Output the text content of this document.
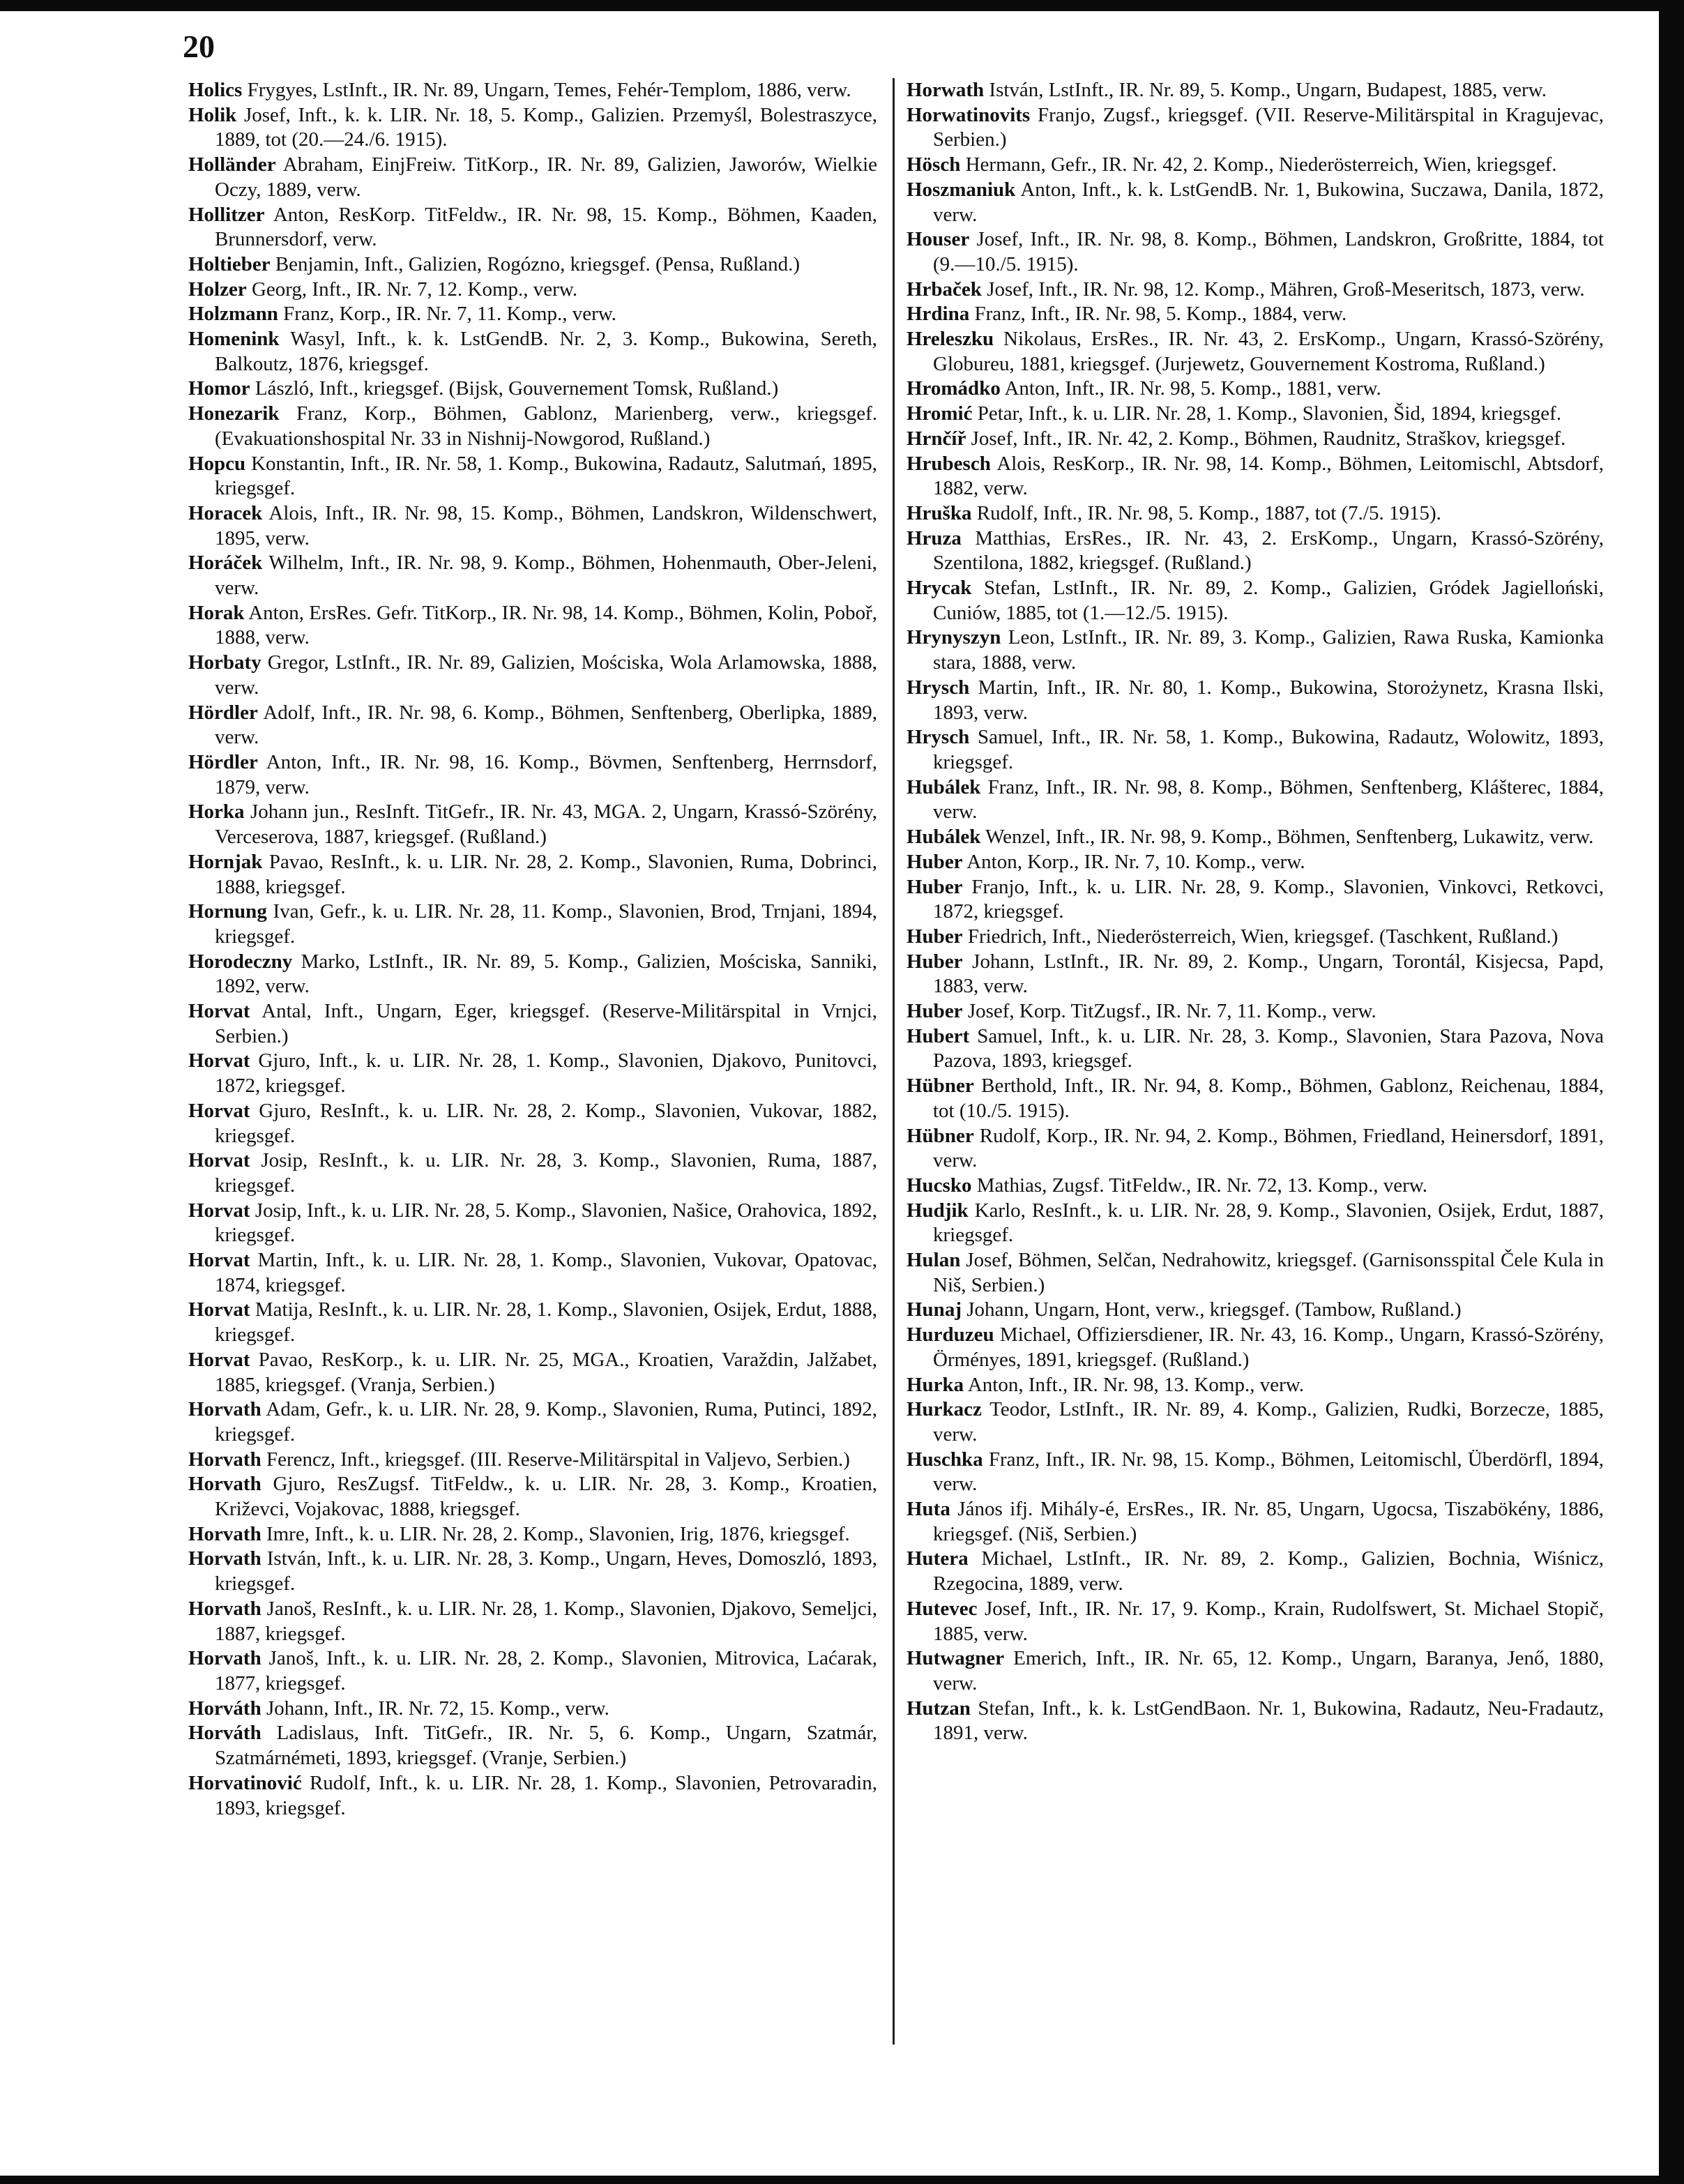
20

Holics Frygyes, LstInft., IR. Nr. 89, Ungarn, Temes, Fehér-Templom, 1886, verw.

Holik Josef, Inft., k. k. LIR. Nr. 18, 5. Komp., Galizien. Przemyśl, Bolestraszyce, 1889, tot (20.—24./6. 1915).

Holländer Abraham, EinjFreiw. TitKorp., IR. Nr. 89, Galizien, Jaworów, Wielkie Oczy, 1889, verw.

Hollitzer Anton, ResKorp. TitFeldw., IR. Nr. 98, 15. Komp., Böhmen, Kaaden, Brunnersdorf, verw.

Holtieber Benjamin, Inft., Galizien, Rogózno, kriegsgef. (Pensa, Rußland.)

Holzer Georg, Inft., IR. Nr. 7, 12. Komp., verw.

Holzmann Franz, Korp., IR. Nr. 7, 11. Komp., verw.

Homenink Wasyl, Inft., k. k. LstGendB. Nr. 2, 3. Komp., Bukowina, Sereth, Balkoutz, 1876, kriegsgef.

Homor László, Inft., kriegsgef. (Bijsk, Gouvernement Tomsk, Rußland.)

Honezarik Franz, Korp., Böhmen, Gablonz, Marienberg, verw., kriegsgef. (Evakuationshospital Nr. 33 in Nishnij-Nowgorod, Rußland.)

Hopcu Konstantin, Inft., IR. Nr. 58, 1. Komp., Bukowina, Radautz, Salutmań, 1895, kriegsgef.

Horacek Alois, Inft., IR. Nr. 98, 15. Komp., Böhmen, Landskron, Wildenschwert, 1895, verw.

Horáček Wilhelm, Inft., IR. Nr. 98, 9. Komp., Böhmen, Hohenmauth, Ober-Jeleni, verw.

Horak Anton, ErsRes. Gefr. TitKorp., IR. Nr. 98, 14. Komp., Böhmen, Kolin, Poboř, 1888, verw.

Horbaty Gregor, LstInft., IR. Nr. 89, Galizien, Mościska, Wola Arlamowska, 1888, verw.

Hördler Adolf, Inft., IR. Nr. 98, 6. Komp., Böhmen, Senftenberg, Oberlipka, 1889, verw.

Hördler Anton, Inft., IR. Nr. 98, 16. Komp., Bövmen, Senftenberg, Herrnsdorf, 1879, verw.

Horka Johann jun., ResInft. TitGefr., IR. Nr. 43, MGA. 2, Ungarn, Krassó-Szörény, Verceserova, 1887, kriegsgef. (Rußland.)

Hornjak Pavao, ResInft., k. u. LIR. Nr. 28, 2. Komp., Slavonien, Ruma, Dobrinci, 1888, kriegsgef.

Hornung Ivan, Gefr., k. u. LIR. Nr. 28, 11. Komp., Slavonien, Brod, Trnjani, 1894, kriegsgef.

Horodeczny Marko, LstInft., IR. Nr. 89, 5. Komp., Galizien, Mościska, Sanniki, 1892, verw.

Horvat Antal, Inft., Ungarn, Eger, kriegsgef. (Reserve-Militärspital in Vrnjci, Serbien.)

Horvat Gjuro, Inft., k. u. LIR. Nr. 28, 1. Komp., Slavonien, Djakovo, Punitovci, 1872, kriegsgef.

Horvat Gjuro, ResInft., k. u. LIR. Nr. 28, 2. Komp., Slavonien, Vukovar, 1882, kriegsgef.

Horvat Josip, ResInft., k. u. LIR. Nr. 28, 3. Komp., Slavonien, Ruma, 1887, kriegsgef.

Horvat Josip, Inft., k. u. LIR. Nr. 28, 5. Komp., Slavonien, Našice, Orahovica, 1892, kriegsgef.

Horvat Martin, Inft., k. u. LIR. Nr. 28, 1. Komp., Slavonien, Vukovar, Opatovac, 1874, kriegsgef.

Horvat Matija, ResInft., k. u. LIR. Nr. 28, 1. Komp., Slavonien, Osijek, Erdut, 1888, kriegsgef.

Horvat Pavao, ResKorp., k. u. LIR. Nr. 25, MGA., Kroatien, Varaždin, Jalžabet, 1885, kriegsgef. (Vranja, Serbien.)

Horvath Adam, Gefr., k. u. LIR. Nr. 28, 9. Komp., Slavonien, Ruma, Putinci, 1892, kriegsgef.

Horvath Ferencz, Inft., kriegsgef. (III. Reserve-Militärspital in Valjevo, Serbien.)

Horvath Gjuro, ResZugsf. TitFeldw., k. u. LIR. Nr. 28, 3. Komp., Kroatien, Križevci, Vojakovac, 1888, kriegsgef.

Horvath Imre, Inft., k. u. LIR. Nr. 28, 2. Komp., Slavonien, Irig, 1876, kriegsgef.

Horvath István, Inft., k. u. LIR. Nr. 28, 3. Komp., Ungarn, Heves, Domoszló, 1893, kriegsgef.

Horvath Janoš, ResInft., k. u. LIR. Nr. 28, 1. Komp., Slavonien, Djakovo, Semeljci, 1887, kriegsgef.

Horvath Janoš, Inft., k. u. LIR. Nr. 28, 2. Komp., Slavonien, Mitrovica, Laćarak, 1877, kriegsgef.

Horváth Johann, Inft., IR. Nr. 72, 15. Komp., verw.

Horváth Ladislaus, Inft. TitGefr., IR. Nr. 5, 6. Komp., Ungarn, Szatmár, Szatmárnémeti, 1893, kriegsgef. (Vranje, Serbien.)

Horvatinović Rudolf, Inft., k. u. LIR. Nr. 28, 1. Komp., Slavonien, Petrovaradin, 1893, kriegsgef.

Horwath István, LstInft., IR. Nr. 89, 5. Komp., Ungarn, Budapest, 1885, verw.

Horwatinovits Franjo, Zugsf., kriegsgef. (VII. Reserve-Militärspital in Kragujevac, Serbien.)

Hösch Hermann, Gefr., IR. Nr. 42, 2. Komp., Niederösterreich, Wien, kriegsgef.

Hoszmaniuk Anton, Inft., k. k. LstGendB. Nr. 1, Bukowina, Suczawa, Danila, 1872, verw.

Houser Josef, Inft., IR. Nr. 98, 8. Komp., Böhmen, Landskron, Großritte, 1884, tot (9.—10./5. 1915).

Hrbaček Josef, Inft., IR. Nr. 98, 12. Komp., Mähren, Groß-Meseritsch, 1873, verw.

Hrdina Franz, Inft., IR. Nr. 98, 5. Komp., 1884, verw.

Hreleszku Nikolaus, ErsRes., IR. Nr. 43, 2. ErsKomp., Ungarn, Krassó-Szörény, Globureu, 1881, kriegsgef. (Jurjewetz, Gouvernement Kostroma, Rußland.)

Hromádko Anton, Inft., IR. Nr. 98, 5. Komp., 1881, verw.

Hromić Petar, Inft., k. u. LIR. Nr. 28, 1. Komp., Slavonien, Šid, 1894, kriegsgef.

Hrnčíř Josef, Inft., IR. Nr. 42, 2. Komp., Böhmen, Raudnitz, Straškov, kriegsgef.

Hrubesch Alois, ResKorp., IR. Nr. 98, 14. Komp., Böhmen, Leitomischl, Abtsdorf, 1882, verw.

Hruška Rudolf, Inft., IR. Nr. 98, 5. Komp., 1887, tot (7./5. 1915).

Hruza Matthias, ErsRes., IR. Nr. 43, 2. ErsKomp., Ungarn, Krassó-Szörény, Szentilona, 1882, kriegsgef. (Rußland.)

Hrycak Stefan, LstInft., IR. Nr. 89, 2. Komp., Galizien, Gródek Jagielloński, Cuniów, 1885, tot (1.—12./5. 1915).

Hrynyszyn Leon, LstInft., IR. Nr. 89, 3. Komp., Galizien, Rawa Ruska, Kamionka stara, 1888, verw.

Hrysch Martin, Inft., IR. Nr. 80, 1. Komp., Bukowina, Storożynetz, Krasna Ilski, 1893, verw.

Hrysch Samuel, Inft., IR. Nr. 58, 1. Komp., Bukowina, Radautz, Wolowitz, 1893, kriegsgef.

Hubálek Franz, Inft., IR. Nr. 98, 8. Komp., Böhmen, Senftenberg, Klášterec, 1884, verw.

Hubálek Wenzel, Inft., IR. Nr. 98, 9. Komp., Böhmen, Senftenberg, Lukawitz, verw.

Huber Anton, Korp., IR. Nr. 7, 10. Komp., verw.

Huber Franjo, Inft., k. u. LIR. Nr. 28, 9. Komp., Slavonien, Vinkovci, Retkovci, 1872, kriegsgef.

Huber Friedrich, Inft., Niederösterreich, Wien, kriegsgef. (Taschkent, Rußland.)

Huber Johann, LstInft., IR. Nr. 89, 2. Komp., Ungarn, Torontál, Kisjecsa, Papd, 1883, verw.

Huber Josef, Korp. TitZugsf., IR. Nr. 7, 11. Komp., verw.

Hubert Samuel, Inft., k. u. LIR. Nr. 28, 3. Komp., Slavonien, Stara Pazova, Nova Pazova, 1893, kriegsgef.

Hübner Berthold, Inft., IR. Nr. 94, 8. Komp., Böhmen, Gablonz, Reichenau, 1884, tot (10./5. 1915).

Hübner Rudolf, Korp., IR. Nr. 94, 2. Komp., Böhmen, Friedland, Heinersdorf, 1891, verw.

Hucsko Mathias, Zugsf. TitFeldw., IR. Nr. 72, 13. Komp., verw.

Hudjik Karlo, ResInft., k. u. LIR. Nr. 28, 9. Komp., Slavonien, Osijek, Erdut, 1887, kriegsgef.

Hulan Josef, Böhmen, Selčan, Nedrahowitz, kriegsgef. (Garnisonsspital Čele Kula in Niš, Serbien.)

Hunaj Johann, Ungarn, Hont, verw., kriegsgef. (Tambow, Rußland.)

Hurduzeu Michael, Offiziersdiener, IR. Nr. 43, 16. Komp., Ungarn, Krassó-Szörény, Örményes, 1891, kriegsgef. (Rußland.)

Hurka Anton, Inft., IR. Nr. 98, 13. Komp., verw.

Hurkacz Teodor, LstInft., IR. Nr. 89, 4. Komp., Galizien, Rudki, Borzecze, 1885, verw.

Huschka Franz, Inft., IR. Nr. 98, 15. Komp., Böhmen, Leitomischl, Überdörfl, 1894, verw.

Huta János ifj. Mihály-é, ErsRes., IR. Nr. 85, Ungarn, Ugocsa, Tiszabökény, 1886, kriegsgef. (Niš, Serbien.)

Hutera Michael, LstInft., IR. Nr. 89, 2. Komp., Galizien, Bochnia, Wiśnicz, Rzegocina, 1889, verw.

Hutevec Josef, Inft., IR. Nr. 17, 9. Komp., Krain, Rudolfswert, St. Michael Stopič, 1885, verw.

Hutwagner Emerich, Inft., IR. Nr. 65, 12. Komp., Ungarn, Baranya, Jenő, 1880, verw.

Hutzan Stefan, Inft., k. k. LstGendBaon. Nr. 1, Bukowina, Radautz, Neu-Fradautz, 1891, verw.
